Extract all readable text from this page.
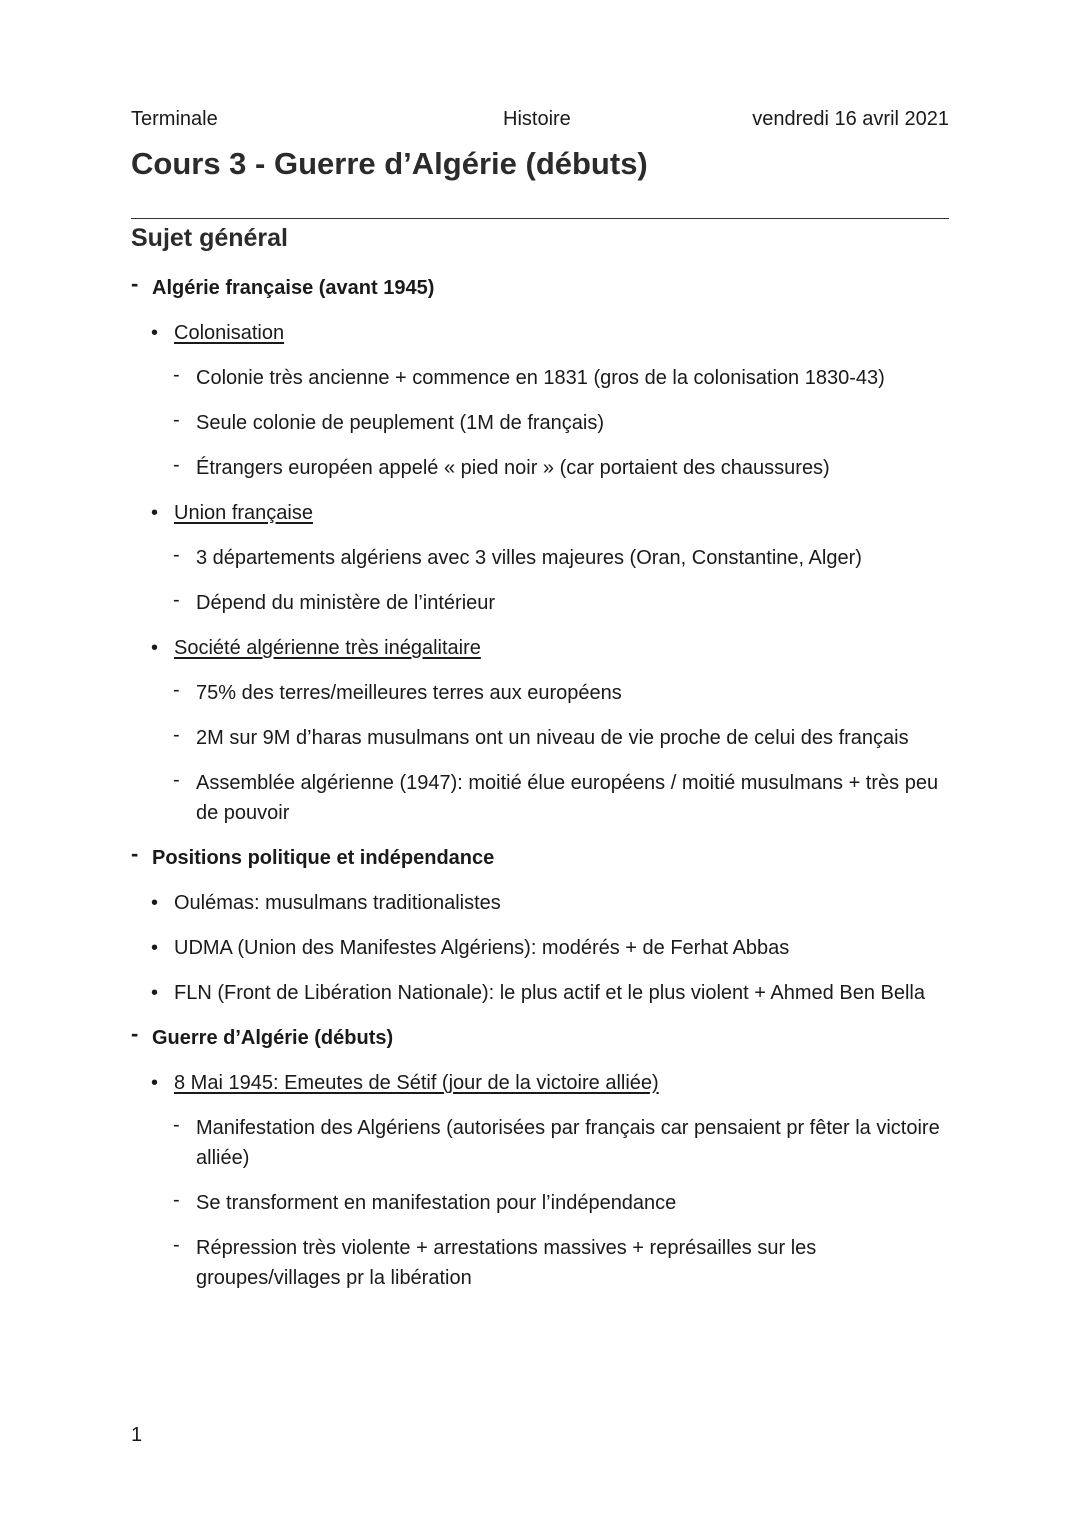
Terminale	Histoire	vendredi 16 avril 2021
Cours 3 - Guerre d’Algérie (débuts)
Sujet général
- Algérie française (avant 1945)
• Colonisation
- Colonie très ancienne + commence en 1831 (gros de la colonisation 1830-43)
- Seule colonie de peuplement (1M de français)
- Étrangers européen appelé « pied noir » (car portaient des chaussures)
• Union française
- 3 départements algériens avec 3 villes majeures (Oran, Constantine, Alger)
- Dépend du ministère de l’intérieur
• Société algérienne très inégalitaire
- 75% des terres/meilleures terres aux européens
- 2M sur 9M d’haras musulmans ont un niveau de vie proche de celui des français
- Assemblée algérienne (1947): moitié élue européens / moitié musulmans + très peu de pouvoir
- Positions politique et indépendance
• Oulémas: musulmans traditionalistes
• UDMA (Union des Manifestes Algériens): modérés + de Ferhat Abbas
• FLN (Front de Libération Nationale): le plus actif et le plus violent + Ahmed Ben Bella
- Guerre d’Algérie (débuts)
• 8 Mai 1945: Emeutes de Sétif (jour de la victoire alliée)
- Manifestation des Algériens (autorisées par français car pensaient pr fêter la victoire alliée)
- Se transforment en manifestation pour l’indépendance
- Répression très violente + arrestations massives + représailles sur les groupes/villages pr la libération
1
